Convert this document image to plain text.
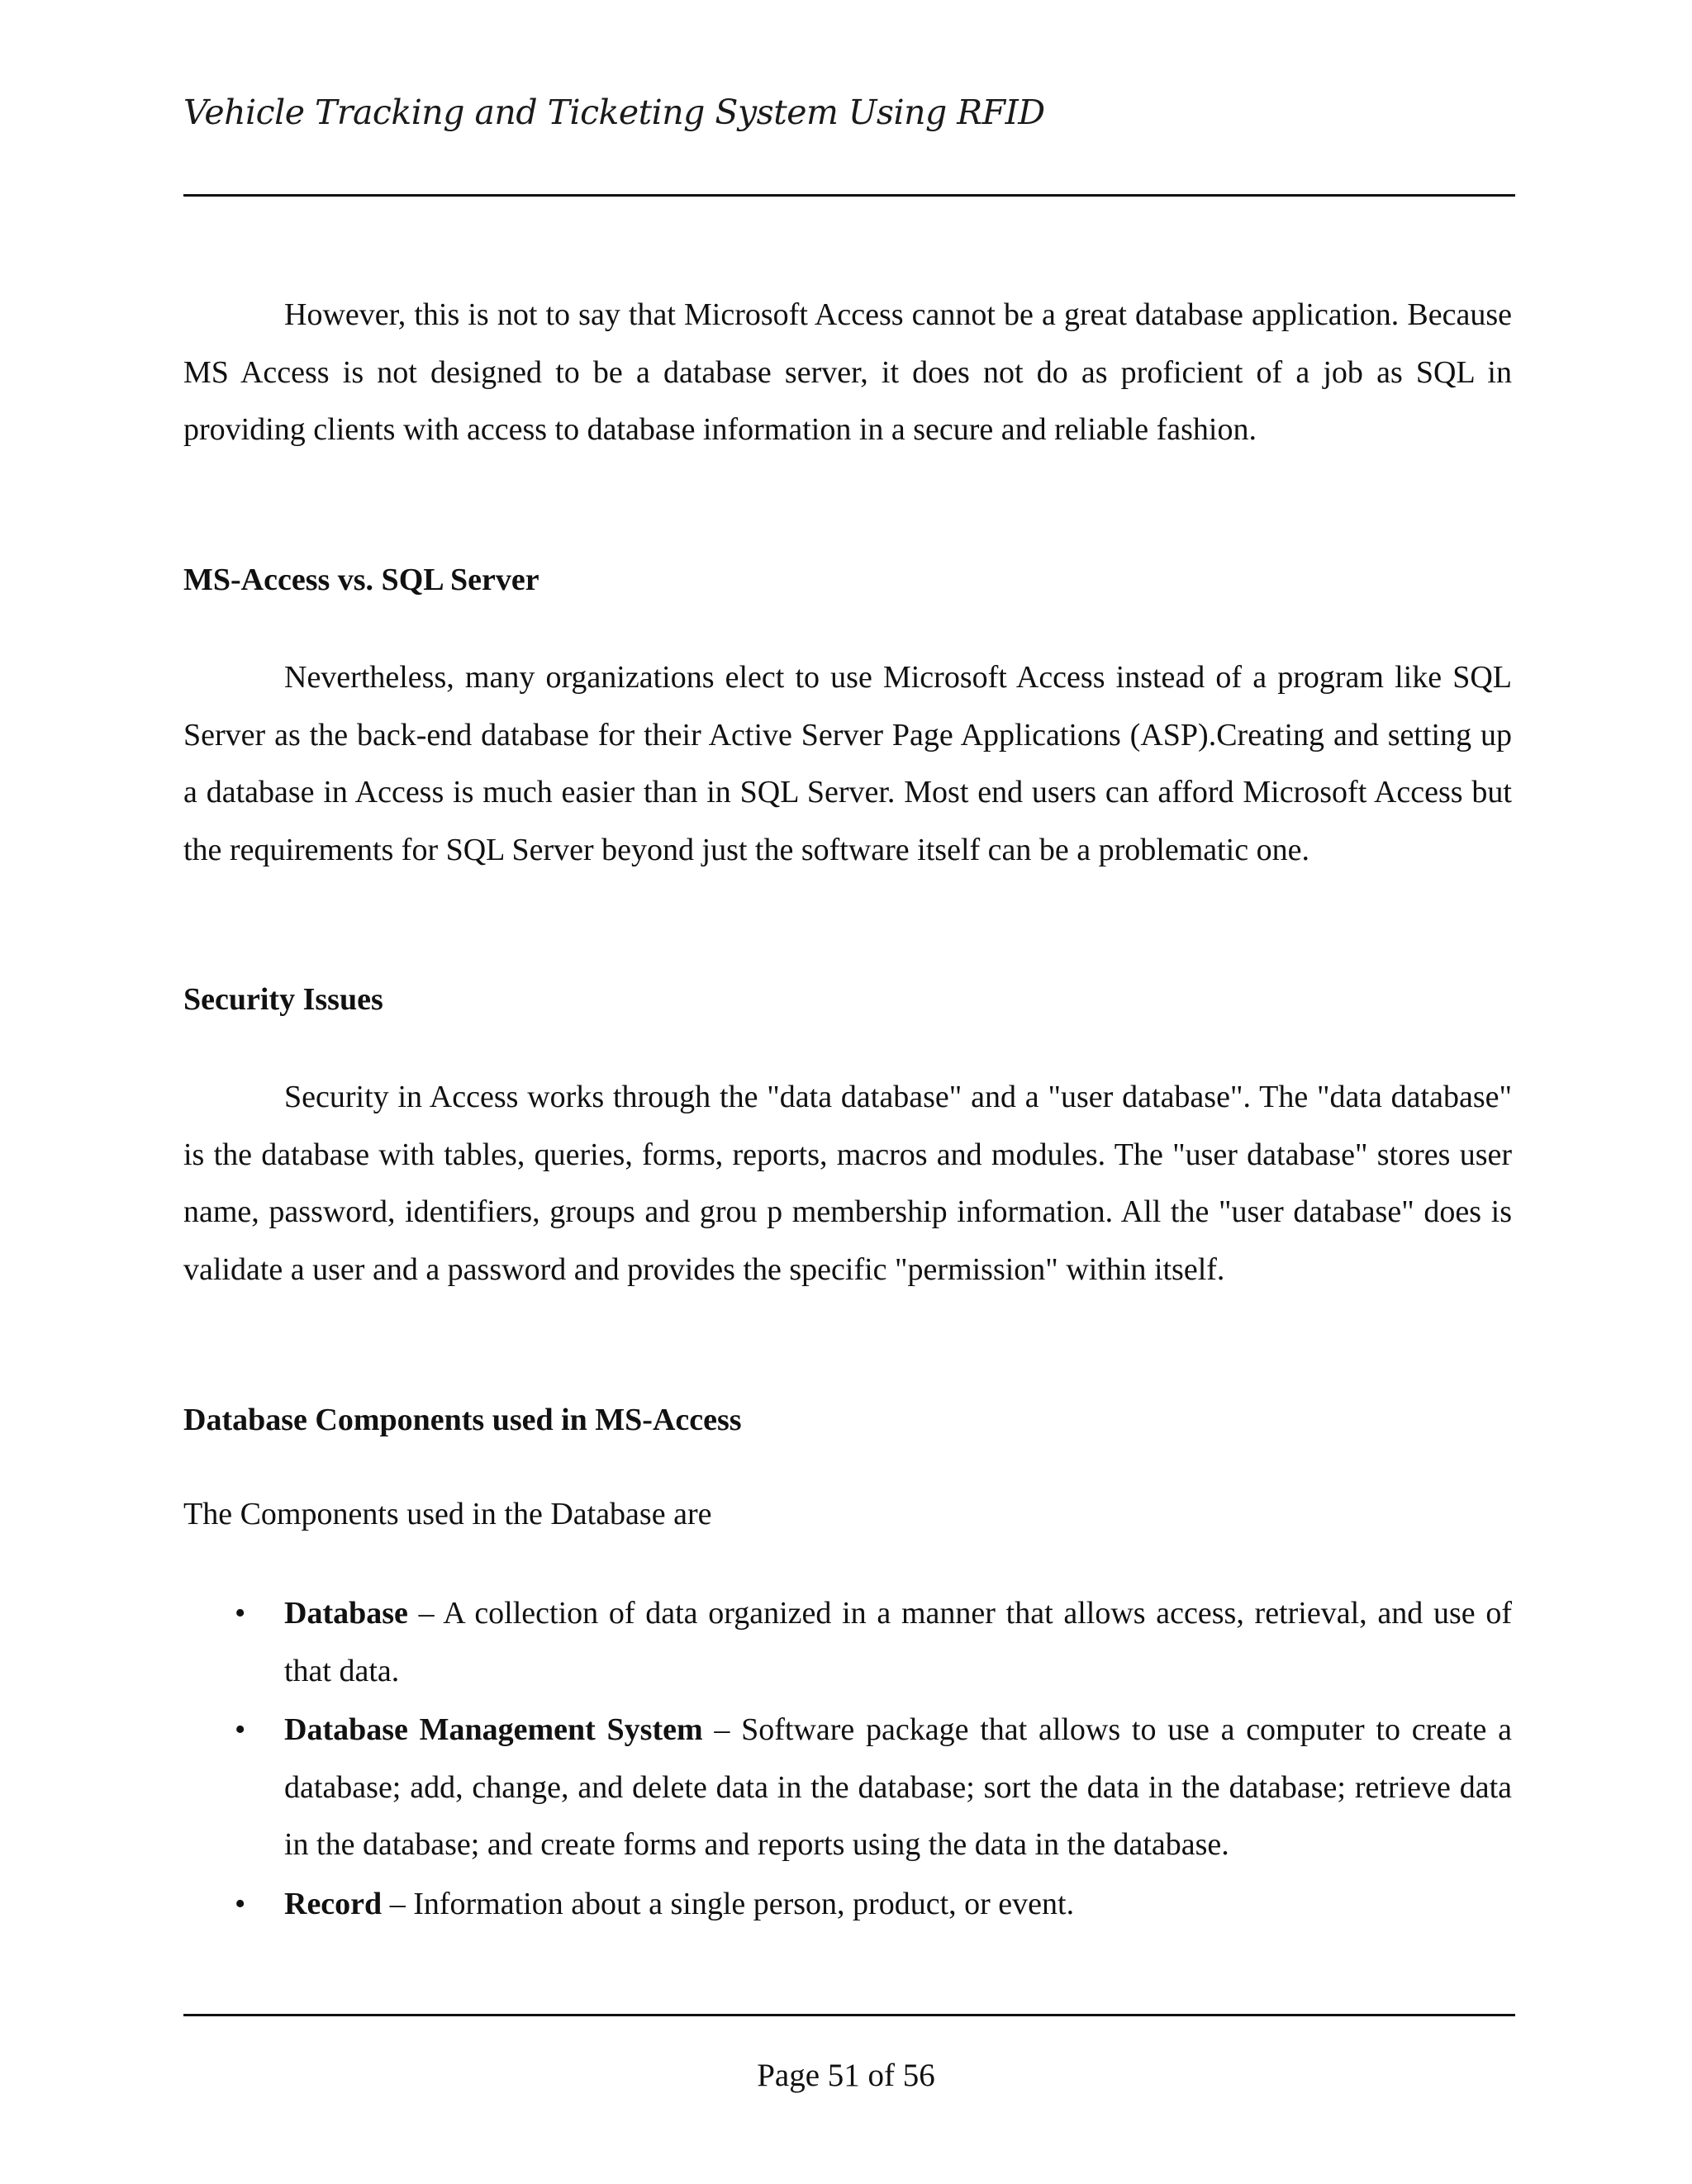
Vehicle Tracking and Ticketing System Using RFID

However, this is not to say that Microsoft Access cannot be a great database application. Because MS Access is not designed to be a database server, it does not do as proficient of a job as SQL in providing clients with access to database information in a secure and reliable fashion.

MS-Access vs. SQL Server

Nevertheless, many organizations elect to use Microsoft Access instead of a program like SQL Server as the back-end database for their Active Server Page Applications (ASP).Creating and setting up a database in Access is much easier than in SQL Server. Most end users can afford Microsoft Access but the requirements for SQL Server beyond just the software itself can be a problematic one.

Security Issues

Security in Access works through the "data database" and a "user database". The "data database" is the database with tables, queries, forms, reports, macros and modules. The "user database" stores user name, password, identifiers, groups and grou p membership information. All the "user database" does is validate a user and a password and provides the specific "permission" within itself.

Database Components used in MS-Access

The Components used in the Database are

• Database – A collection of data organized in a manner that allows access, retrieval, and use of that data.
• Database Management System – Software package that allows to use a computer to create a database; add, change, and delete data in the database; sort the data in the database; retrieve data in the database; and create forms and reports using the data in the database.
• Record – Information about a single person, product, or event.
Page 51 of 56
